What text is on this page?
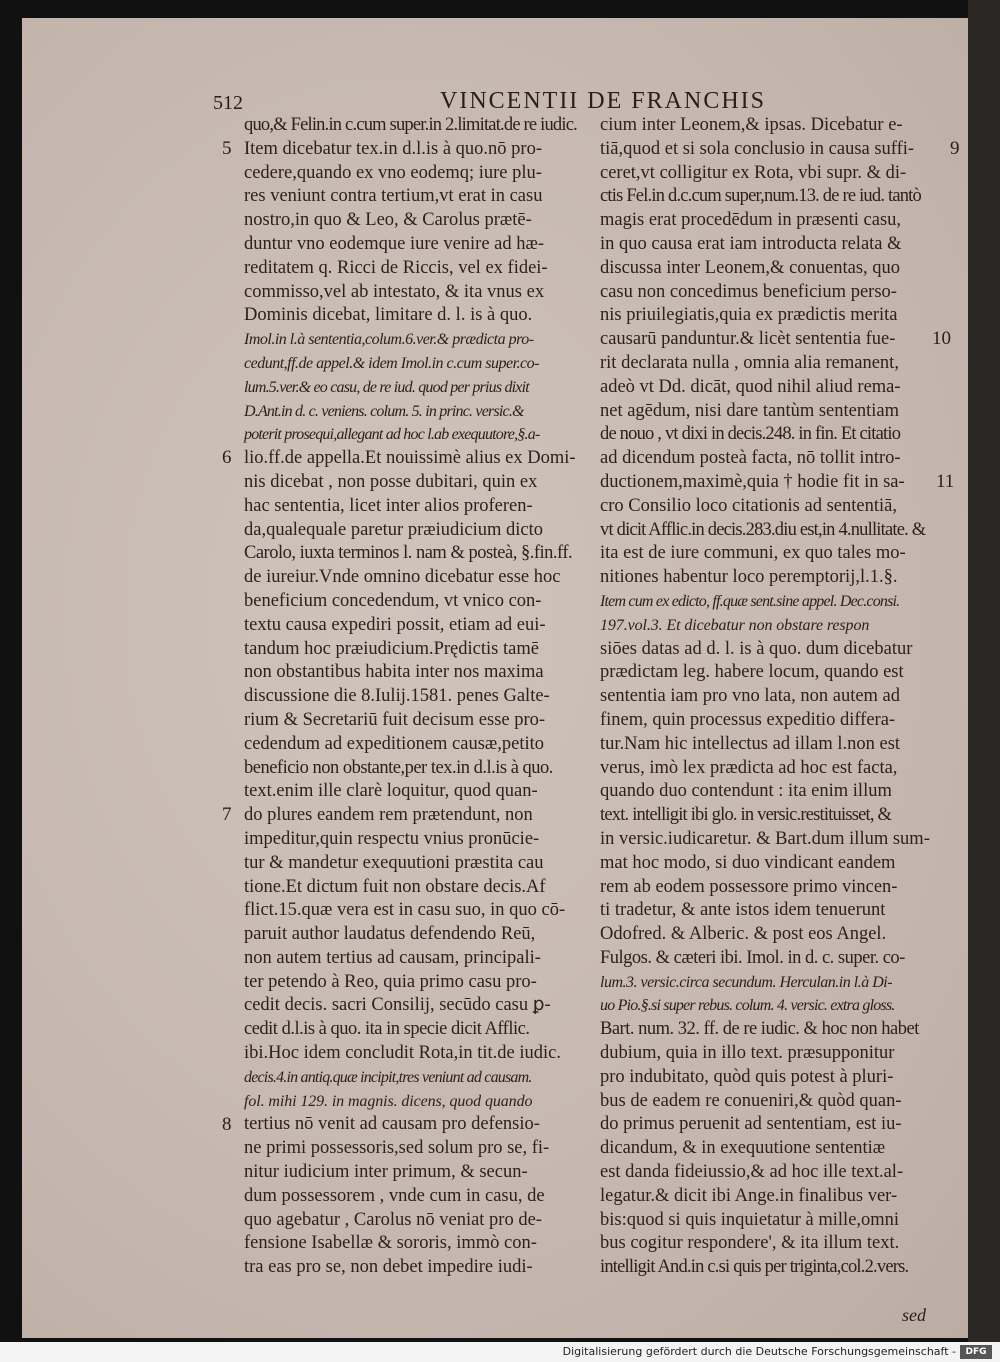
512	VINCENTII DE FRANCHIS
quo,& Felin.in c.cum super.in 2.limitat.de re iudic.
Item dicebatur tex.in d.l.is à quo.nō pro-
cedere,quando ex vno eodemq; iure plu-
res veniunt contra tertium,vt erat in casu
nostro,in quo & Leo, & Carolus prætē-
duntur vno eodemque iure venire ad hæ-
reditatem q. Ricci de Riccis, vel ex fidei-
commisso,vel ab intestato, & ita vnus ex
Dominis dicebat, limitare d. l. is à quo.
Imol.in l.à sententia,colum.6.ver.& prædicta pro-
cedunt,ff.de appel.& idem Imol.in c.cum super.co-
lum.5.ver.& eo casu, de re iud. quod per prius dixit
D.Ant.in d. c. veniens. colum. 5. in princ. versic.&
poterit prosequi,allegant ad hoc l.ab exequutore,§.a-
lio.ff.de appella.Et nouissimè alius ex Domi-
nis dicebat , non posse dubitari, quin ex
hac sententia, licet inter alios proferen-
da,qualequale paretur præiudicium dicto
Carolo, iuxta terminos l. nam & posteà, §.fin.ff.
de iureiur.Vnde omnino dicebatur esse hoc
beneficium concedendum, vt vnico con-
textu causa expediri possit, etiam ad eui-
tandum hoc præiudicium.Prędictis tamē
non obstantibus habita inter nos maxima
discussione die 8.Iulij.1581. penes Galte-
rium & Secretariū fuit decisum esse pro-
cedendum ad expeditionem causæ,petito
beneficio non obstante,per tex.in d.l.is à quo.
text.enim ille clarè loquitur, quod quan-
do plures eandem rem prætendunt, non
impeditur,quin respectu vnius pronūcie-
tur & mandetur exequutioni præstita cau
tione.Et dictum fuit non obstare decis.Af
flict.15.quæ vera est in casu suo, in quo cō-
paruit author laudatus defendendo Reū,
non autem tertius ad causam, principali-
ter petendo à Reo, quia primo casu pro-
cedit decis. sacri Consilij, secūdo casu ꝑ-
cedit d.l.is à quo. ita in specie dicit Afflic.
ibi.Hoc idem concludit Rota,in tit.de iudic.
decis.4.in antiq.quæ incipit,tres veniunt ad causam.
fol. mihi 129. in magnis. dicens, quod quando
tertius nō venit ad causam pro defensio-
ne primi possessoris,sed solum pro se, fi-
nitur iudicium inter primum, & secun-
dum possessorem , vnde cum in casu, de
quo agebatur , Carolus nō veniat pro de-
fensione Isabellæ & sororis, immò con-
tra eas pro se, non debet impedire iudi-
cium inter Leonem,& ipsas. Dicebatur e-
tiā,quod et si sola conclusio in causa suffi-
ceret,vt colligitur ex Rota, vbi supr. & di-
ctis Fel.in d.c.cum super,num.13. de re iud. tantò
magis erat procedēdum in præsenti casu,
in quo causa erat iam introducta relata &
discussa inter Leonem,& conuentas, quo
casu non concedimus beneficium perso-
nis priuilegiatis,quia ex prædictis merita
causarū panduntur.& licèt sententia fue-
rit declarata nulla , omnia alia remanent,
adeò vt Dd. dicāt, quod nihil aliud rema-
net agēdum, nisi dare tantùm sententiam
de nouo , vt dixi in decis.248. in fin. Et citatio
ad dicendum posteà facta, nō tollit intro-
ductionem,maximè,quia † hodie fit in sa-
cro Consilio loco citationis ad sententiā,
vt dicit Afflic.in decis.283.diu est,in 4.nullitate. &
ita est de iure communi, ex quo tales mo-
nitiones habentur loco peremptorij,l.1.§.
Item cum ex edicto, ff.quæ sent.sine appel. Dec.consi.
197.vol.3. Et dicebatur non obstare respon
siōes datas ad d. l. is à quo. dum dicebatur
prædictam leg. habere locum, quando est
sententia iam pro vno lata, non autem ad
finem, quin processus expeditio differa-
tur.Nam hic intellectus ad illam l.non est
verus, imò lex prædicta ad hoc est facta,
quando duo contendunt : ita enim illum
text. intelligit ibi glo. in versic.restituisset, &
in versic.iudicaretur. & Bart.dum illum sum-
mat hoc modo, si duo vindicant eandem
rem ab eodem possessore primo vincen-
ti tradetur, & ante istos idem tenuerunt
Odofred. & Alberic. & post eos Angel.
Fulgos. & cæteri ibi. Imol. in d. c. super. co-
lum.3. versic.circa secundum. Herculan.in l.à Di-
uo Pio.§.si super rebus. colum. 4. versic. extra gloss.
Bart. num. 32. ff. de re iudic. & hoc non habet
dubium, quia in illo text. præsupponitur
pro indubitato, quòd quis potest à pluri-
bus de eadem re conueniri,& quòd quan-
do primus peruenit ad sententiam, est iu-
dicandum, & in exequutione sententiæ
est danda fideiussio,& ad hoc ille text.al-
legatur.& dicit ibi Ange.in finalibus ver-
bis:quod si quis inquietatur à mille,omni
bus cogitur respondere', & ita illum text.
intelligit And.in c.si quis per triginta,col.2.vers.
5
6
7
8
9
10
11
sed
Digitalisierung gefördert durch die Deutsche Forschungsgemeinschaft -	DFG
